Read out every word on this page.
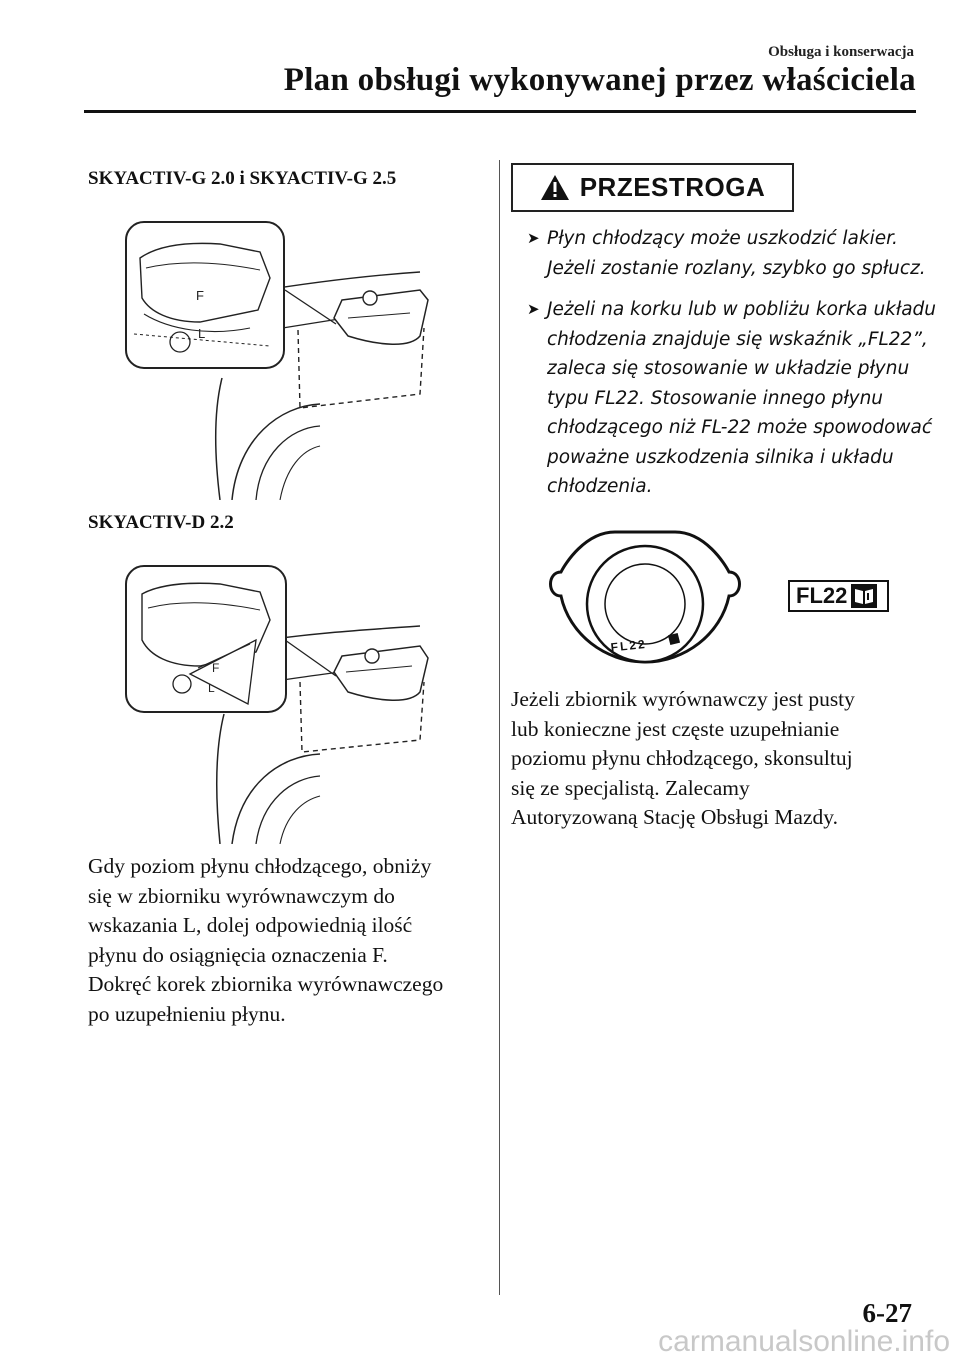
Obsługa i konserwacja
Plan obsługi wykonywanej przez właściciela
SKYACTIV-G 2.0 i SKYACTIV-G 2.5
F
L
SKYACTIV-D 2.2
F
L
Gdy poziom płynu chłodzącego, obniży
się w zbiorniku wyrównawczym do
wskazania L, dolej odpowiednią ilość
płynu do osiągnięcia oznaczenia F.
Dokręć korek zbiornika wyrównawczego
po uzupełnieniu płynu.
PRZESTROGA
➤ Płyn chłodzący może uszkodzić lakier. Jeżeli zostanie rozlany, szybko go spłucz.
➤ Jeżeli na korku lub w pobliżu korka układu chłodzenia znajduje się wskaźnik „FL22”, zaleca się stosowanie w układzie płynu typu FL22. Stosowanie innego płynu chłodzącego niż FL-22 może spowodować poważne uszkodzenia silnika i układu chłodzenia.
FL22
FL22
Jeżeli zbiornik wyrównawczy jest pusty
lub konieczne jest częste uzupełnianie
poziomu płynu chłodzącego, skonsultuj
się ze specjalistą. Zalecamy
Autoryzowaną Stację Obsługi Mazdy.
6-27
carmanualsonline.info
